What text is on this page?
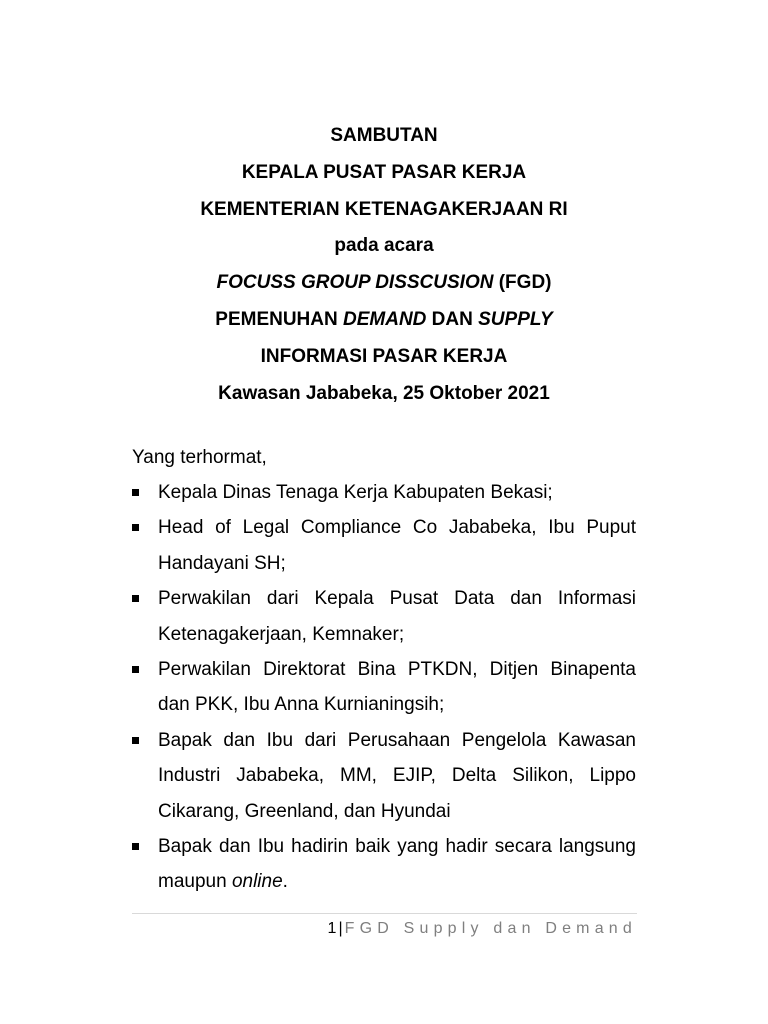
SAMBUTAN
KEPALA PUSAT PASAR KERJA
KEMENTERIAN KETENAGAKERJAAN RI
pada acara
FOCUSS GROUP DISSCUSION (FGD)
PEMENUHAN DEMAND DAN SUPPLY
INFORMASI PASAR KERJA
Kawasan Jababeka, 25 Oktober 2021
Yang terhormat,
Kepala Dinas Tenaga Kerja Kabupaten Bekasi;
Head of Legal Compliance Co Jababeka, Ibu Puput Handayani SH;
Perwakilan dari Kepala Pusat Data dan Informasi Ketenagakerjaan, Kemnaker;
Perwakilan Direktorat Bina PTKDN, Ditjen Binapenta dan PKK, Ibu Anna Kurnianingsih;
Bapak dan Ibu dari Perusahaan Pengelola Kawasan Industri Jababeka, MM, EJIP, Delta Silikon, Lippo Cikarang, Greenland, dan Hyundai
Bapak dan Ibu hadirin baik yang hadir secara langsung maupun online.
1 | FGD Supply dan Demand
